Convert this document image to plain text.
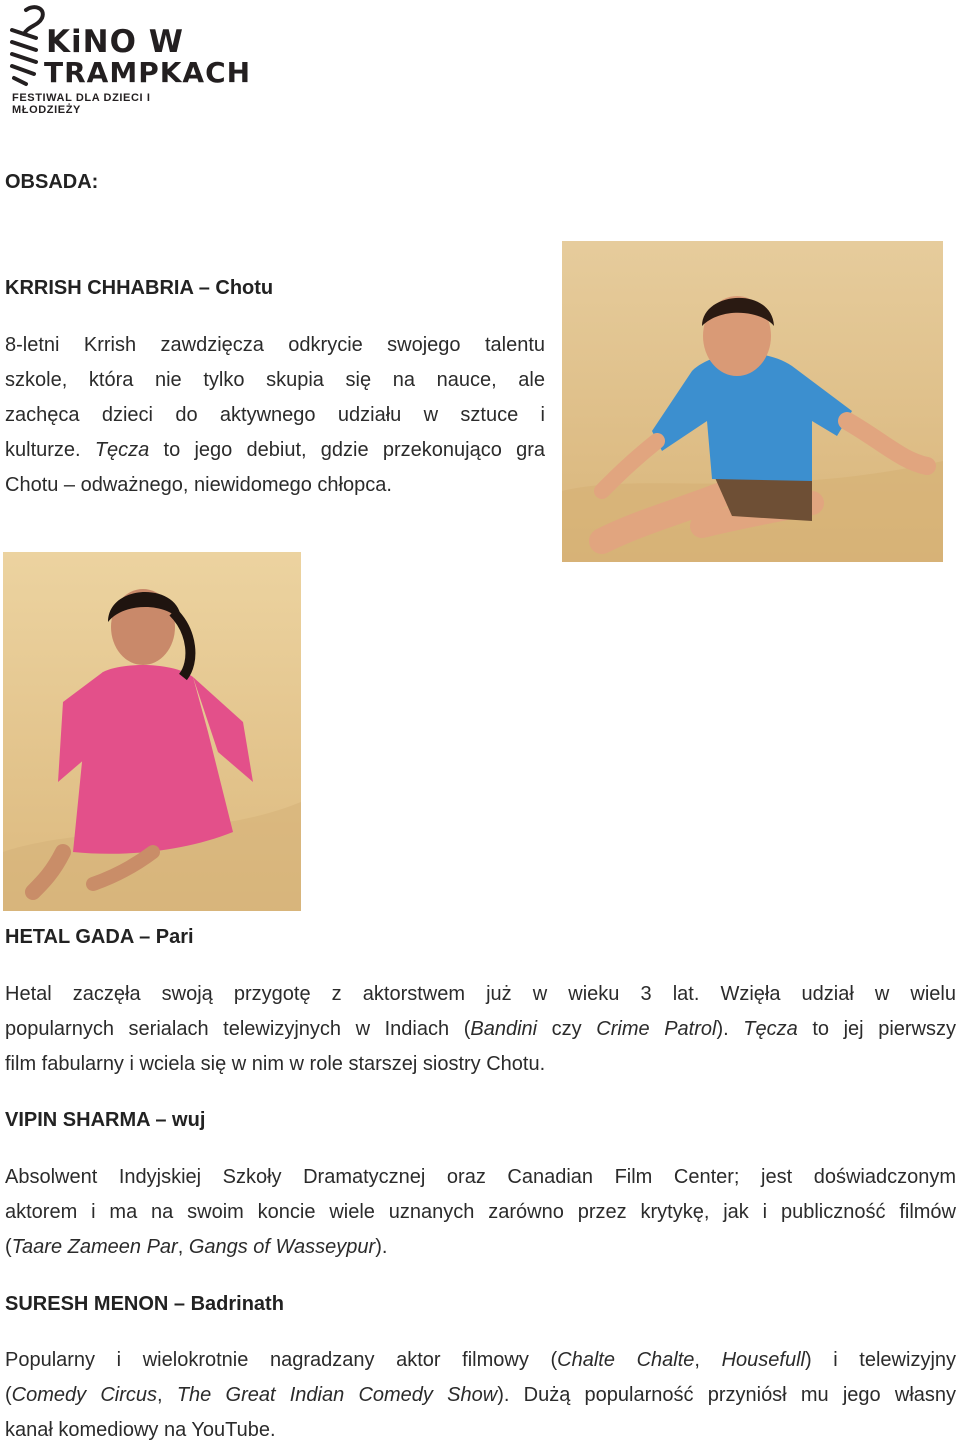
KiNO W
TRAMPKACH
FESTIWAL DLA DZIECI I MŁODZIEŻY
OBSADA:
KRRISH CHHABRIA – Chotu
8-letni Krrish zawdzięcza odkrycie swojego talentu
szkole, która nie tylko skupia się na nauce, ale
zachęca dzieci do aktywnego udziału w sztuce i
kulturze. Tęcza to jego debiut, gdzie przekonująco gra
Chotu – odważnego, niewidomego chłopca.
HETAL GADA – Pari
Hetal zaczęła swoją przygotę z aktorstwem już w wieku 3 lat. Wzięła udział w wielu
popularnych serialach telewizyjnych w Indiach (Bandini czy Crime Patrol). Tęcza to jej pierwszy
film fabularny i wciela się w nim w role starszej siostry Chotu.
VIPIN SHARMA – wuj
Absolwent Indyjskiej Szkoły Dramatycznej oraz Canadian Film Center; jest doświadczonym
aktorem i ma na swoim koncie wiele uznanych zarówno przez krytykę, jak i publiczność filmów
(Taare Zameen Par, Gangs of Wasseypur).
SURESH MENON – Badrinath
Popularny i wielokrotnie nagradzany aktor filmowy (Chalte Chalte, Housefull) i telewizyjny
(Comedy Circus, The Great Indian Comedy Show). Dużą popularność przyniósł mu jego własny
kanał komediowy na YouTube.
